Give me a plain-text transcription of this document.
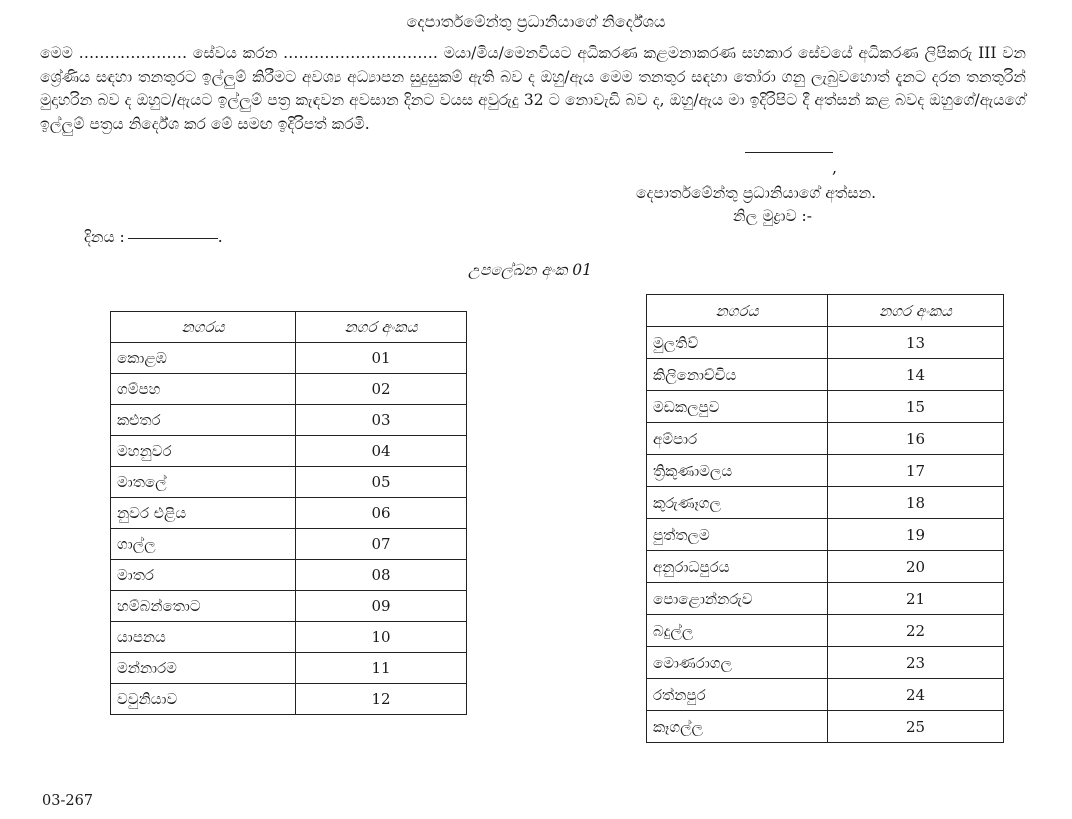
දෙපාර්තමේන්තු ප්‍රධානියාගේ නිර්දේශය
මෙම ………………… සේවය කරන ………………………… මයා/මිය/මෙනවියට අධිකරණ කළමනාකරණ සහකාර සේවයේ අධිකරණ ලිපිකරු III වන ශ්‍රේණිය සඳහා තනතුරට ඉල්ලුම් කිරීමට අවශ්‍ය අධ්‍යාපන සුදුසුකම් ඇති බව ද ඔහු/ඇය මෙම තනතුර සඳහා තෝරා ගනු ලැබුවහොත් දැනට දරන තනතුරින් මුදාහරින බව ද ඔහුට/ඇයට ඉල්ලුම් පත්‍ර කැඳවන අවසාන දිනට වයස අවුරුදු 32 ට නොවැඩි බව ද, ඔහු/ඇය මා ඉදිරිපිට දී අත්සන් කළ බවද ඔහුගේ/ඇයගේ ඉල්ලුම් පත්‍රය නිර්දේශ කර මේ සමඟ ඉදිරිපත් කරමි.
,
දෙපාර්තමේන්තු ප්‍රධානියාගේ අත්සන.
නිල මුද්‍රාව :-
දිනය :	.
උපලේඛන අංක 01
නගරය	නගර අංකය
කොළඹ	01
ගම්පහ	02
කළුතර	03
මහනුවර	04
මාතලේ	05
නුවර එළිය	06
ගාල්ල	07
මාතර	08
හම්බන්තොට	09
යාපනය	10
මන්නාරම	11
වවුනියාව	12
නගරය	නගර අංකය
මුලතිව්	13
කිලිනොච්චිය	14
මඩකලපුව	15
අම්පාර	16
ත්‍රිකුණාමලය	17
කුරුණෑගල	18
පුත්තලම	19
අනුරාධපුරය	20
පොළොන්නරුව	21
බදුල්ල	22
මොණරාගල	23
රත්නපුර	24
කෑගල්ල	25
03-267
